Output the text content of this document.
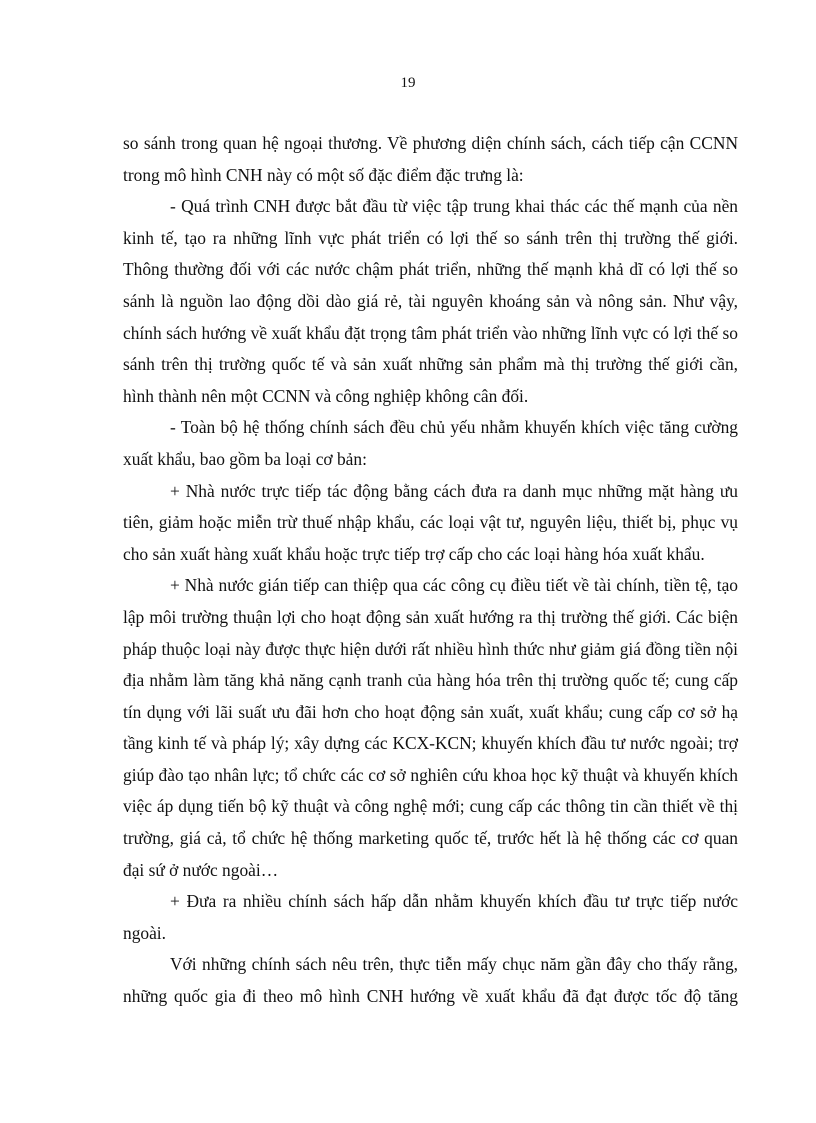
19

so sánh trong quan hệ ngoại thương. Về phương diện chính sách, cách tiếp cận CCNN

trong mô hình CNH này có một số đặc điểm đặc trưng là:

- Quá trình CNH được bắt đầu từ việc tập trung khai thác các thế mạnh của nền

kinh tế, tạo ra những lĩnh vực phát triển có lợi thế so sánh trên thị trường thế giới.

Thông thường đối với các nước chậm phát triển, những thế mạnh khả dĩ có lợi thế so

sánh là nguồn lao động dồi dào giá rẻ, tài nguyên khoáng sản và nông sản. Như vậy,

chính sách hướng về xuất khẩu đặt trọng tâm phát triển vào những lĩnh vực có lợi thế so

sánh trên thị trường quốc tế và sản xuất những sản phẩm mà thị trường thế giới cần,

hình thành nên một CCNN và công nghiệp không cân đối.

- Toàn bộ hệ thống chính sách đều chủ yếu nhằm khuyến khích việc tăng cường

xuất khẩu, bao gồm ba loại cơ bản:

+ Nhà nước trực tiếp tác động bằng cách đưa ra danh mục những mặt hàng ưu

tiên, giảm hoặc miễn trừ thuế nhập khẩu, các loại vật tư, nguyên liệu, thiết bị, phục vụ

cho sản xuất hàng xuất khẩu hoặc trực tiếp trợ cấp cho các loại hàng hóa xuất khẩu.

+ Nhà nước gián tiếp can thiệp qua các công cụ điều tiết về tài chính, tiền tệ, tạo

lập môi trường thuận lợi cho hoạt động sản xuất hướng ra thị trường thế giới. Các biện

pháp thuộc loại này được thực hiện dưới rất nhiều hình thức như giảm giá đồng tiền nội

địa nhằm làm tăng khả năng cạnh tranh của hàng hóa trên thị trường quốc tế; cung cấp

tín dụng với lãi suất ưu đãi hơn cho hoạt động sản xuất, xuất khẩu; cung cấp cơ sở hạ

tầng kinh tế và pháp lý; xây dựng các KCX-KCN; khuyến khích đầu tư nước ngoài; trợ

giúp đào tạo nhân lực; tổ chức các cơ sở nghiên cứu khoa học kỹ thuật và khuyến khích

việc áp dụng tiến bộ kỹ thuật và công nghệ mới; cung cấp các thông tin cần thiết về thị

trường, giá cả, tổ chức hệ thống marketing quốc tế, trước hết là hệ thống các cơ quan

đại sứ ở nước ngoài…

+ Đưa ra nhiều chính sách hấp dẫn nhằm khuyến khích đầu tư trực tiếp nước ngoài.

Với những chính sách nêu trên, thực tiễn mấy chục năm gần đây cho thấy rằng,

những quốc gia đi theo mô hình CNH hướng về xuất khẩu đã đạt được tốc độ tăng
